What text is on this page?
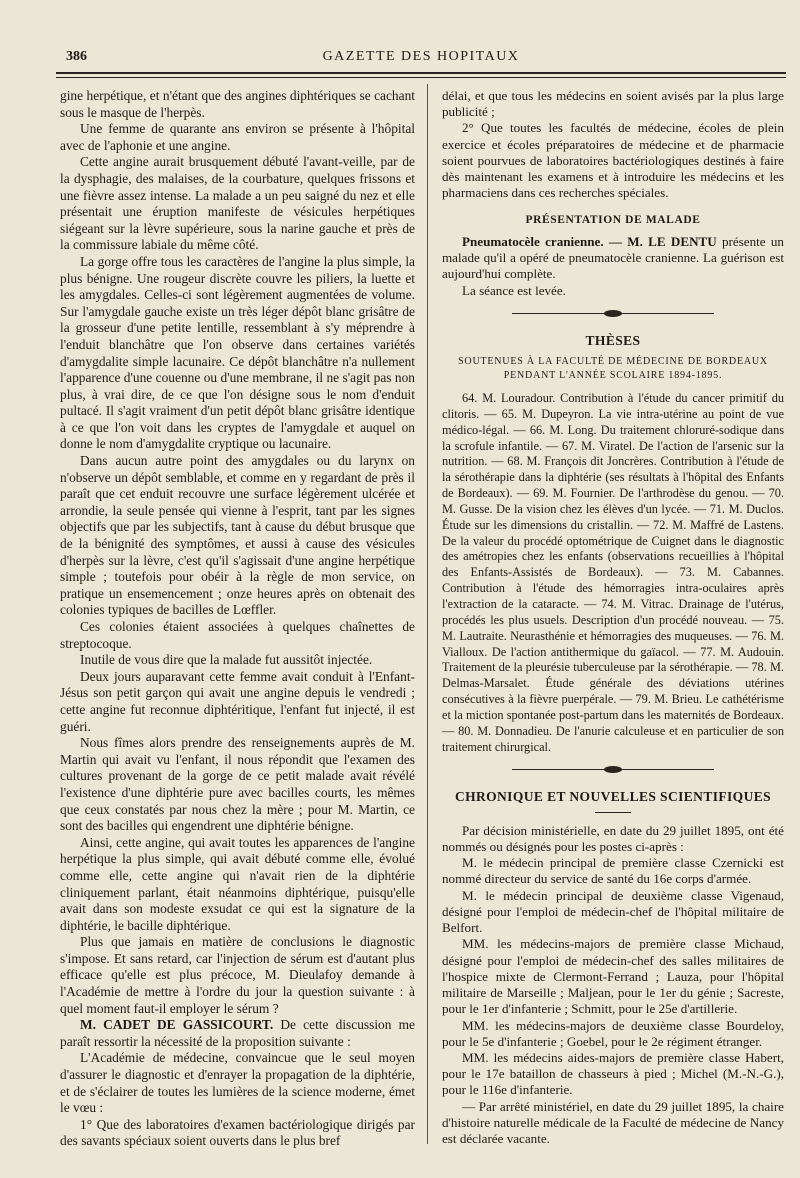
386	GAZETTE DES HOPITAUX

gine herpétique, et n'étant que des angines diphtériques se cachant sous le masque de l'herpès.

Une femme de quarante ans environ se présente à l'hôpital avec de l'aphonie et une angine.

Cette angine aurait brusquement débuté l'avant-veille, par de la dysphagie, des malaises, de la courbature, quelques frissons et une fièvre assez intense. La malade a un peu saigné du nez et elle présentait une éruption manifeste de vésicules herpétiques siégeant sur la lèvre supérieure, sous la narine gauche et près de la commissure labiale du même côté.

La gorge offre tous les caractères de l'angine la plus simple, la plus bénigne. Une rougeur discrète couvre les piliers, la luette et les amygdales. Celles-ci sont légèrement augmentées de volume. Sur l'amygdale gauche existe un très léger dépôt blanc grisâtre de la grosseur d'une petite lentille, ressemblant à s'y méprendre à l'enduit blanchâtre que l'on observe dans certaines variétés d'amygdalite simple lacunaire. Ce dépôt blanchâtre n'a nullement l'apparence d'une couenne ou d'une membrane, il ne s'agit pas non plus, à vrai dire, de ce que l'on désigne sous le nom d'enduit pultacé. Il s'agit vraiment d'un petit dépôt blanc grisâtre identique à ce que l'on voit dans les cryptes de l'amygdale et auquel on donne le nom d'amygdalite cryptique ou lacunaire.

Dans aucun autre point des amygdales ou du larynx on n'observe un dépôt semblable, et comme en y regardant de près il paraît que cet enduit recouvre une surface légèrement ulcérée et arrondie, la seule pensée qui vienne à l'esprit, tant par les signes objectifs que par les subjectifs, tant à cause du début brusque que de la bénignité des symptômes, et aussi à cause des vésicules d'herpès sur la lèvre, c'est qu'il s'agissait d'une angine herpétique simple ; toutefois pour obéir à la règle de mon service, on pratique un ensemencement ; onze heures après on obtenait des colonies typiques de bacilles de Lœffler.

Ces colonies étaient associées à quelques chaînettes de streptocoque.

Inutile de vous dire que la malade fut aussitôt injectée.

Deux jours auparavant cette femme avait conduit à l'Enfant-Jésus son petit garçon qui avait une angine depuis le vendredi ; cette angine fut reconnue diphtéritique, l'enfant fut injecté, il est guéri.

Nous fîmes alors prendre des renseignements auprès de M. Martin qui avait vu l'enfant, il nous répondit que l'examen des cultures provenant de la gorge de ce petit malade avait révélé l'existence d'une diphtérie pure avec bacilles courts, les mêmes que ceux constatés par nous chez la mère ; pour M. Martin, ce sont des bacilles qui engendrent une diphtérie bénigne.

Ainsi, cette angine, qui avait toutes les apparences de l'angine herpétique la plus simple, qui avait débuté comme elle, évolué comme elle, cette angine qui n'avait rien de la diphtérie cliniquement parlant, était néanmoins diphtérique, puisqu'elle avait dans son modeste exsudat ce qui est la signature de la diphtérie, le bacille diphtérique.

Plus que jamais en matière de conclusions le diagnostic s'impose. Et sans retard, car l'injection de sérum est d'autant plus efficace qu'elle est plus précoce, M. Dieulafoy demande à l'Académie de mettre à l'ordre du jour la question suivante : à quel moment faut-il employer le sérum ?

M. CADET DE GASSICOURT. De cette discussion me paraît ressortir la nécessité de la proposition suivante :

L'Académie de médecine, convaincue que le seul moyen d'assurer le diagnostic et d'enrayer la propagation de la diphtérie, et de s'éclairer de toutes les lumières de la science moderne, émet le vœu :

1° Que des laboratoires d'examen bactériologique dirigés par des savants spéciaux soient ouverts dans le plus bref

délai, et que tous les médecins en soient avisés par la plus large publicité ;

2° Que toutes les facultés de médecine, écoles de plein exercice et écoles préparatoires de médecine et de pharmacie soient pourvues de laboratoires bactériologiques destinés à faire dès maintenant les examens et à introduire les médecins et les pharmaciens dans ces recherches spéciales.

PRÉSENTATION DE MALADE

Pneumatocèle cranienne. — M. LE DENTU présente un malade qu'il a opéré de pneumatocèle cranienne. La guérison est aujourd'hui complète.

La séance est levée.

THÈSES
SOUTENUES À LA FACULTÉ DE MÉDECINE DE BORDEAUX
PENDANT L'ANNÉE SCOLAIRE 1894-1895.

64. M. Louradour. Contribution à l'étude du cancer primitif du clitoris. — 65. M. Dupeyron. La vie intra-utérine au point de vue médico-légal. — 66. M. Long. Du traitement chloruré-sodique dans la scrofule infantile. — 67. M. Viratel. De l'action de l'arsenic sur la nutrition. — 68. M. François dit Joncrères. Contribution à l'étude de la sérothérapie dans la diphtérie (ses résultats à l'hôpital des Enfants de Bordeaux). — 69. M. Fournier. De l'arthrodèse du genou. — 70. M. Gusse. De la vision chez les élèves d'un lycée. — 71. M. Duclos. Étude sur les dimensions du cristallin. — 72. M. Maffré de Lastens. De la valeur du procédé optométrique de Cuignet dans le diagnostic des amétropies chez les enfants (observations recueillies à l'hôpital des Enfants-Assistés de Bordeaux). — 73. M. Cabannes. Contribution à l'étude des hémorragies intra-oculaires après l'extraction de la cataracte. — 74. M. Vitrac. Drainage de l'utérus, procédés les plus usuels. Description d'un procédé nouveau. — 75. M. Lautraite. Neurasthénie et hémorragies des muqueuses. — 76. M. Vialloux. De l'action antithermique du gaïacol. — 77. M. Audouin. Traitement de la pleurésie tuberculeuse par la sérothérapie. — 78. M. Delmas-Marsalet. Étude générale des déviations utérines consécutives à la fièvre puerpérale. — 79. M. Brieu. Le cathétérisme et la miction spontanée post-partum dans les maternités de Bordeaux. — 80. M. Donnadieu. De l'anurie calculeuse et en particulier de son traitement chirurgical.

CHRONIQUE ET NOUVELLES SCIENTIFIQUES

Par décision ministérielle, en date du 29 juillet 1895, ont été nommés ou désignés pour les postes ci-après :

M. le médecin principal de première classe Czernicki est nommé directeur du service de santé du 16e corps d'armée.

M. le médecin principal de deuxième classe Vigenaud, désigné pour l'emploi de médecin-chef de l'hôpital militaire de Belfort.

MM. les médecins-majors de première classe Michaud, désigné pour l'emploi de médecin-chef des salles militaires de l'hospice mixte de Clermont-Ferrand ; Lauza, pour l'hôpital militaire de Marseille ; Maljean, pour le 1er du génie ; Sacreste, pour le 1er d'infanterie ; Schmitt, pour le 25e d'artillerie.

MM. les médecins-majors de deuxième classe Bourdeloy, pour le 5e d'infanterie ; Goebel, pour le 2e régiment étranger.

MM. les médecins aides-majors de première classe Habert, pour le 17e bataillon de chasseurs à pied ; Michel (M.-N.-G.), pour le 116e d'infanterie.

— Par arrêté ministériel, en date du 29 juillet 1895, la chaire d'histoire naturelle médicale de la Faculté de médecine de Nancy est déclarée vacante.
